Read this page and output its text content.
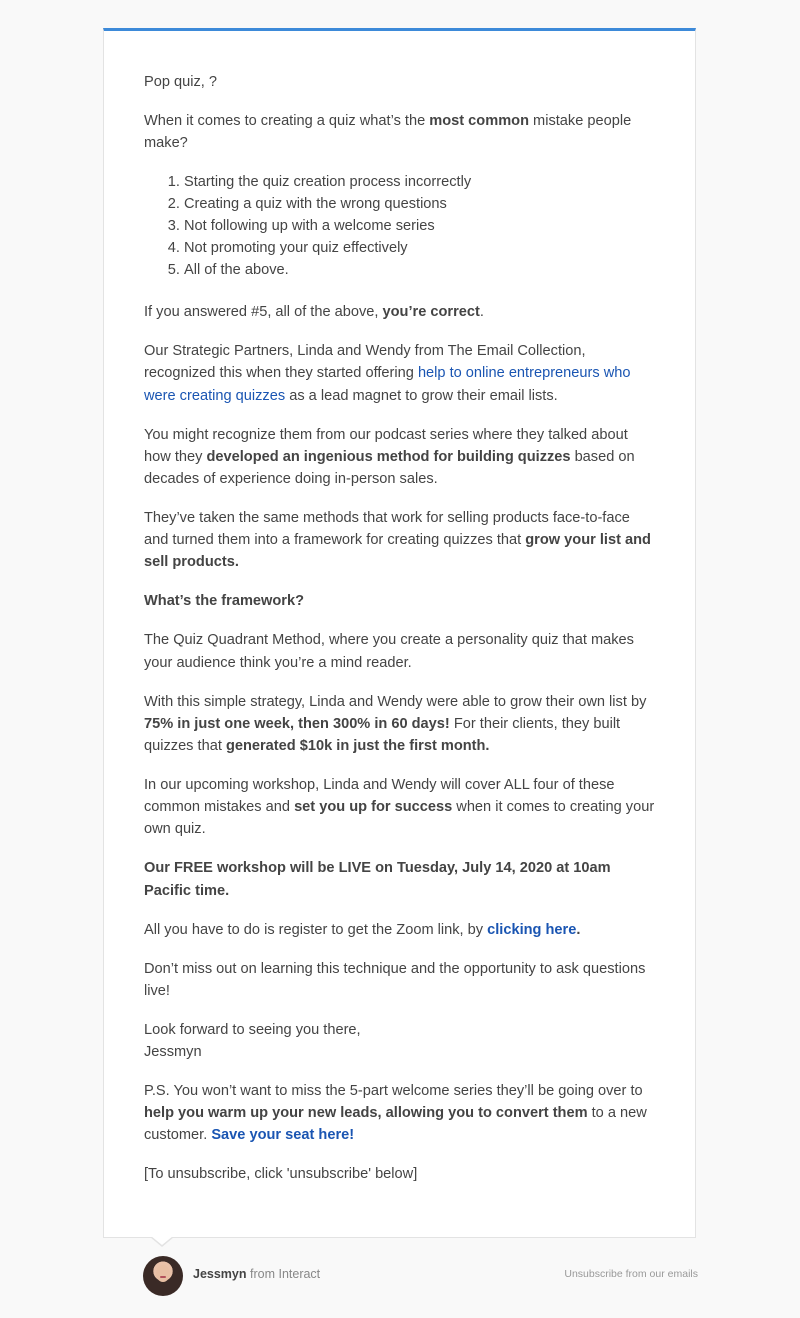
Pop quiz, ?

When it comes to creating a quiz what’s the most common mistake people make?

1. Starting the quiz creation process incorrectly
2. Creating a quiz with the wrong questions
3. Not following up with a welcome series
4. Not promoting your quiz effectively
5. All of the above.

If you answered #5, all of the above, you’re correct.

Our Strategic Partners, Linda and Wendy from The Email Collection, recognized this when they started offering help to online entrepreneurs who were creating quizzes as a lead magnet to grow their email lists.

You might recognize them from our podcast series where they talked about how they developed an ingenious method for building quizzes based on decades of experience doing in-person sales.

They’ve taken the same methods that work for selling products face-to-face and turned them into a framework for creating quizzes that grow your list and sell products.

What’s the framework?

The Quiz Quadrant Method, where you create a personality quiz that makes your audience think you’re a mind reader.

With this simple strategy, Linda and Wendy were able to grow their own list by 75% in just one week, then 300% in 60 days! For their clients, they built quizzes that generated $10k in just the first month.

In our upcoming workshop, Linda and Wendy will cover ALL four of these common mistakes and set you up for success when it comes to creating your own quiz.

Our FREE workshop will be LIVE on Tuesday, July 14, 2020 at 10am Pacific time.

All you have to do is register to get the Zoom link, by clicking here.

Don’t miss out on learning this technique and the opportunity to ask questions live!

Look forward to seeing you there,
Jessmyn

P.S. You won’t want to miss the 5-part welcome series they’ll be going over to help you warm up your new leads, allowing you to convert them to a new customer. Save your seat here!

[To unsubscribe, click 'unsubscribe' below]

Jessmyn from Interact	Unsubscribe from our emails
